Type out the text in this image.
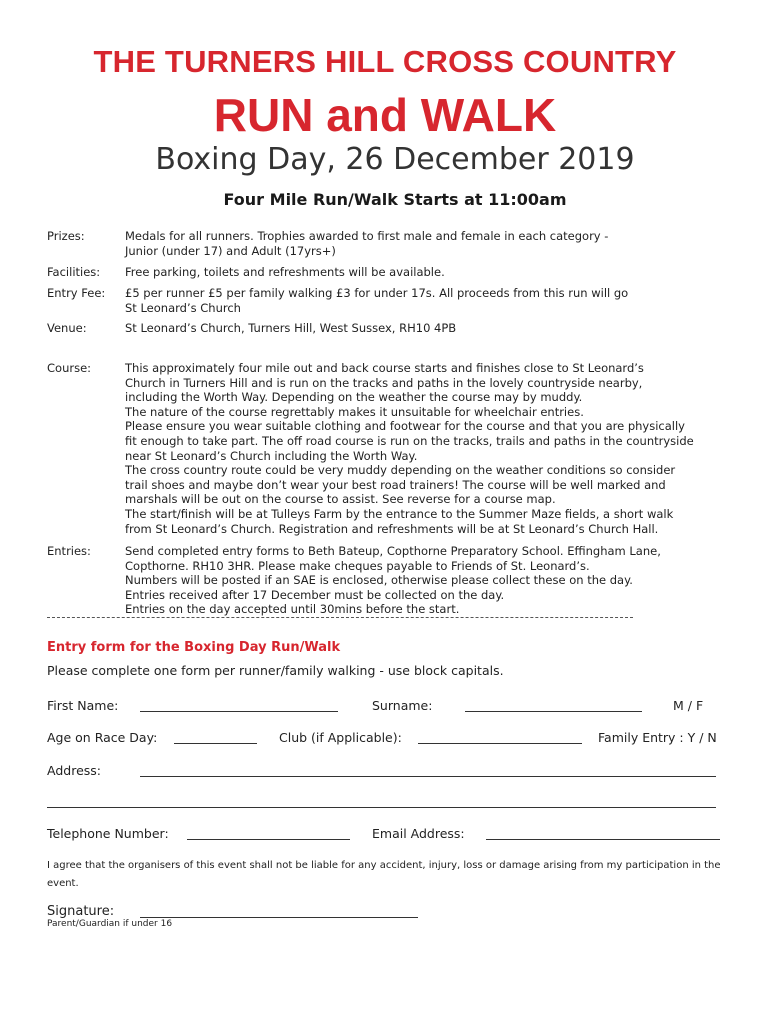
THE TURNERS HILL CROSS COUNTRY
RUN and WALK
Boxing Day, 26 December 2019
Four Mile Run/Walk Starts at 11:00am
Prizes:	Medals for all runners. Trophies awarded to first male and female in each category -
Junior (under 17) and Adult (17yrs+)
Facilities: Free parking, toilets and refreshments will be available.
Entry Fee: £5 per runner £5 per family walking £3 for under 17s. All proceeds from this run will go
St Leonard’s Church
Venue:	St Leonard’s Church, Turners Hill, West Sussex, RH10 4PB
Course:	This approximately four mile out and back course starts and finishes close to St Leonard’s
Church in Turners Hill and is run on the tracks and paths in the lovely countryside nearby,
including the Worth Way. Depending on the weather the course may by muddy.
The nature of the course regrettably makes it unsuitable for wheelchair entries.
Please ensure you wear suitable clothing and footwear for the course and that you are physically
fit enough to take part. The off road course is run on the tracks, trails and paths in the countryside
near St Leonard’s Church including the Worth Way.
The cross country route could be very muddy depending on the weather conditions so consider
trail shoes and maybe don’t wear your best road trainers! The course will be well marked and
marshals will be out on the course to assist. See reverse for a course map.
The start/finish will be at Tulleys Farm by the entrance to the Summer Maze fields, a short walk
from St Leonard’s Church. Registration and refreshments will be at St Leonard’s Church Hall.
Entries:	Send completed entry forms to Beth Bateup, Copthorne Preparatory School. Effingham Lane,
Copthorne. RH10 3HR. Please make cheques payable to Friends of St. Leonard’s.
Numbers will be posted if an SAE is enclosed, otherwise please collect these on the day.
Entries received after 17 December must be collected on the day.
Entries on the day accepted until 30mins before the start.
Entry form for the Boxing Day Run/Walk
Please complete one form per runner/family walking - use block capitals.
First Name:	Surname:	M / F
Age on Race Day:	Club (if Applicable):	Family Entry : Y / N
Address:
Telephone Number:	Email Address:
I agree that the organisers of this event shall not be liable for any accident, injury, loss or damage arising from my participation in the event.
Signature:
Parent/Guardian if under 16
